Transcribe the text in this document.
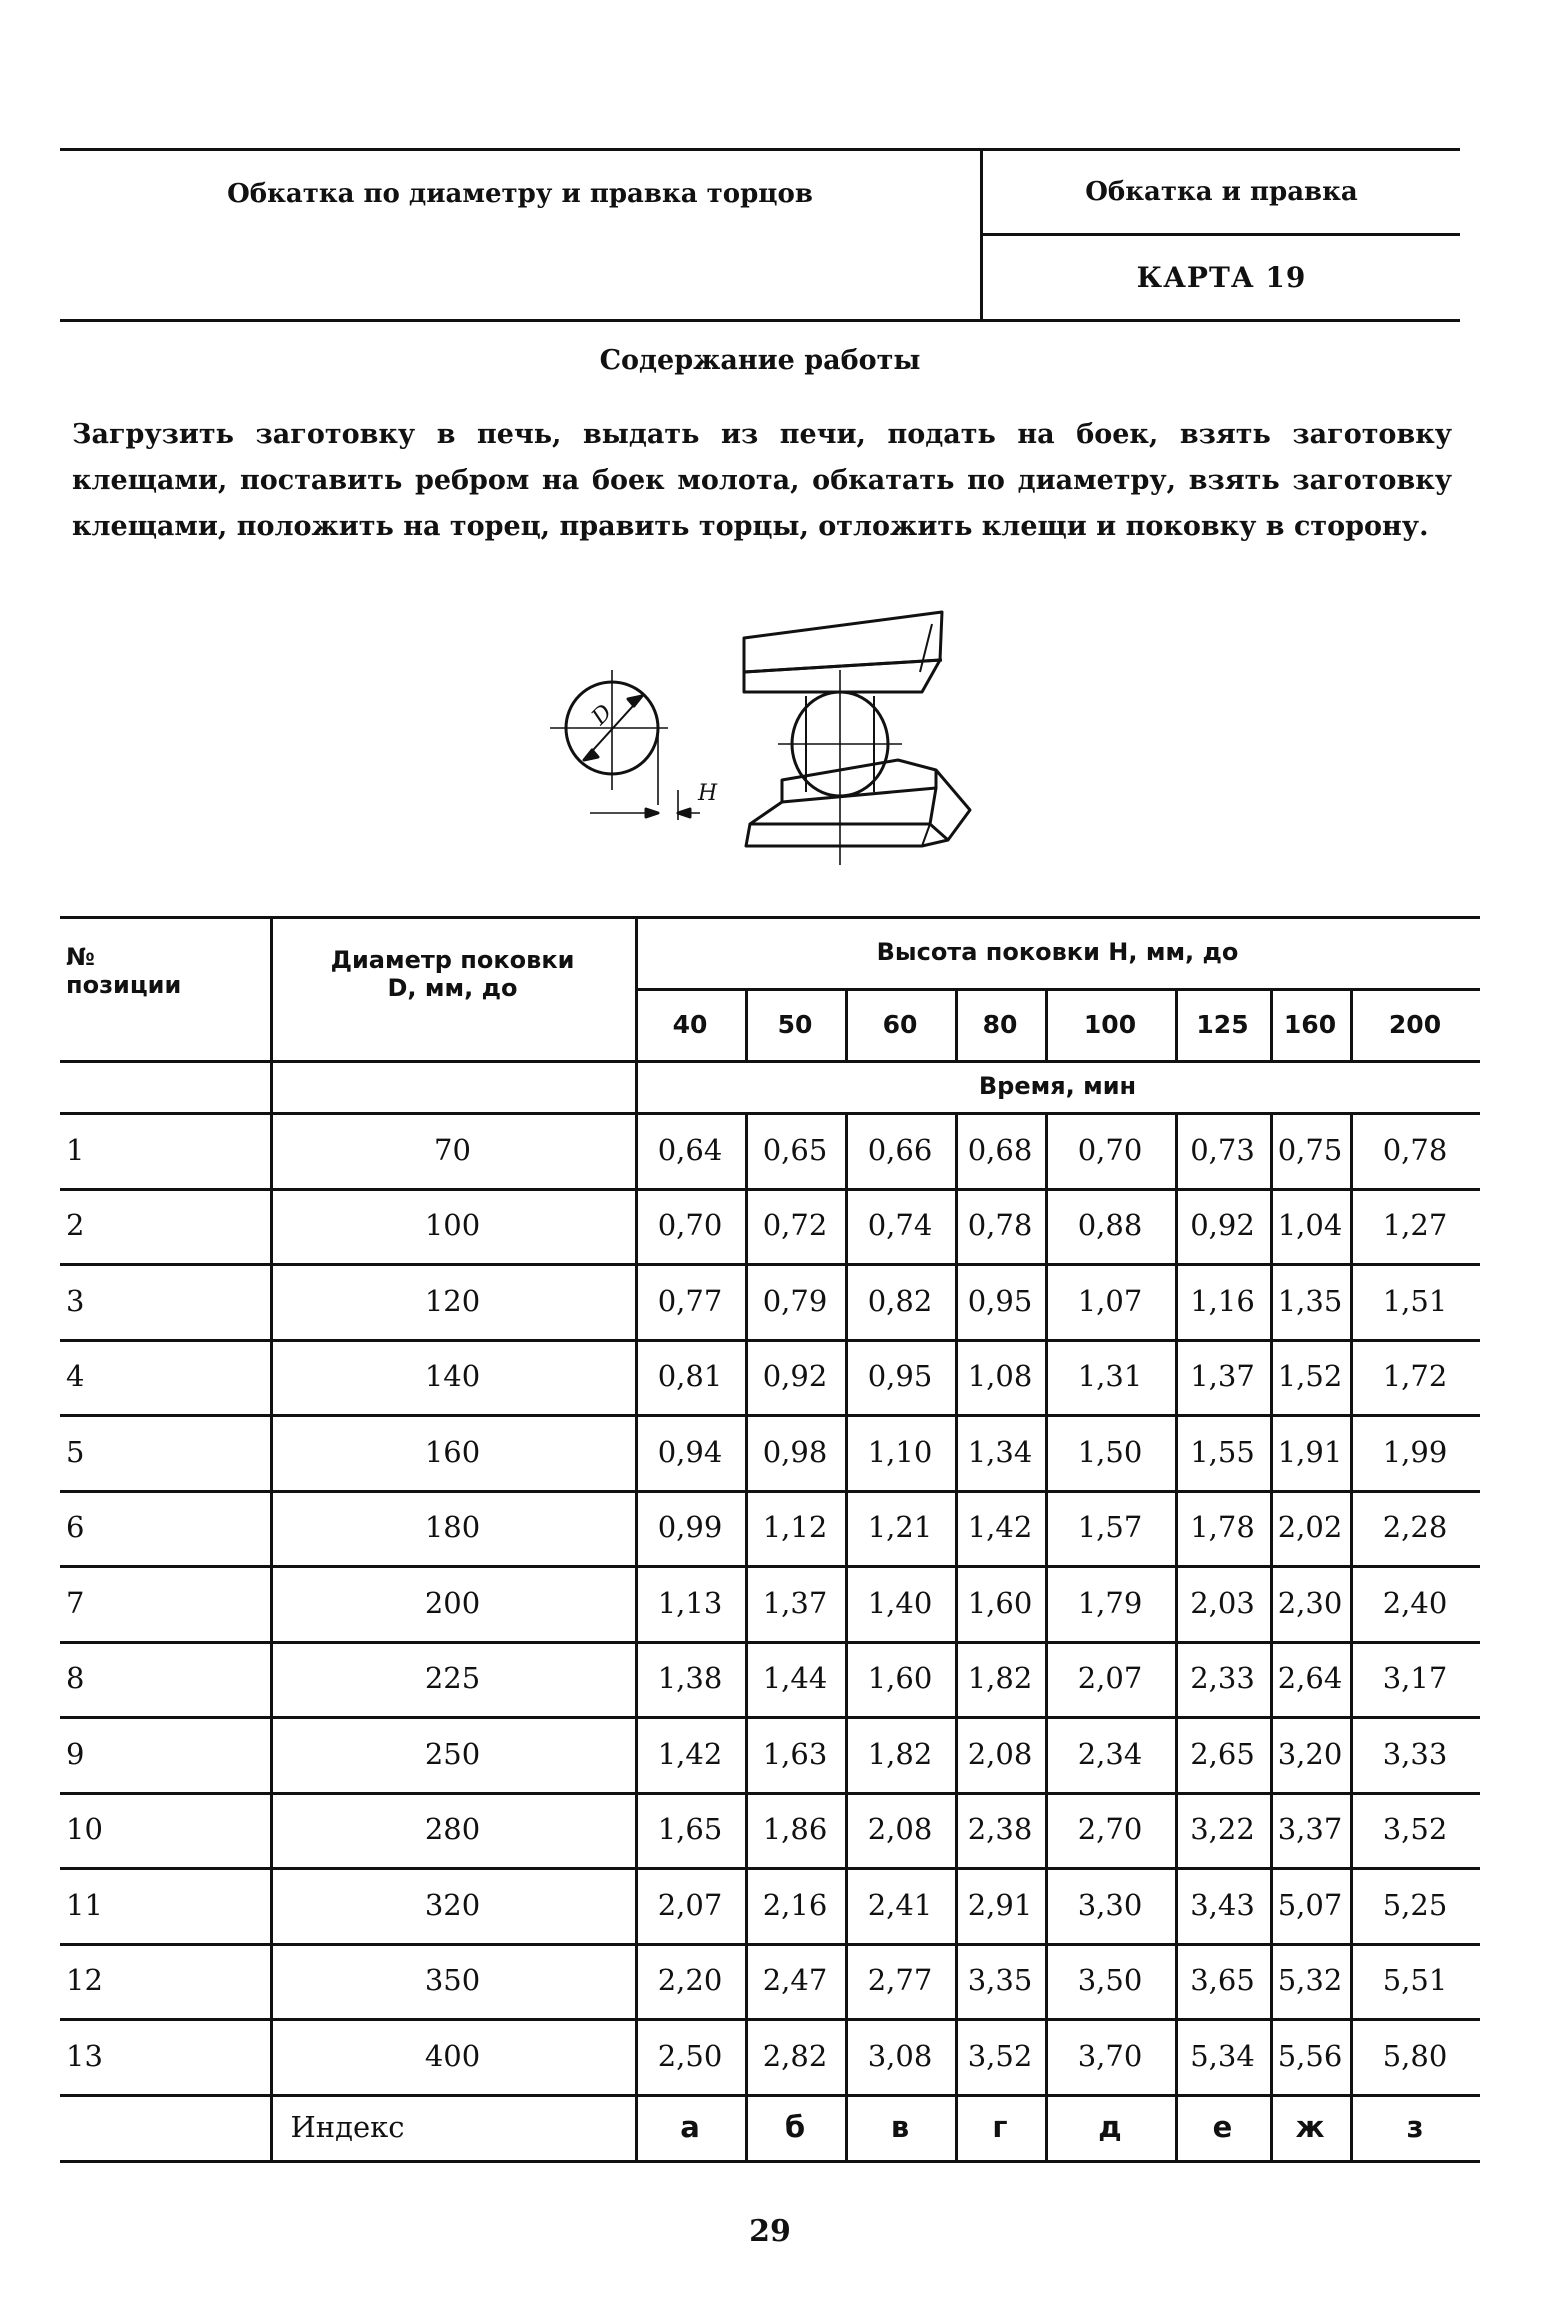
Обкатка по диаметру и правка торцов	Обкатка и правка
КАРТА 19
Содержание работы
Загрузить заготовку в печь, выдать из печи, подать на боек, взять заготовку клещами, поставить ребром на боек молота, обкатать по диаметру, взять заготовку клещами, положить на торец, править торцы, отложить клещи и поковку в сторону.
D
H
№ позиции
Диаметр поковки D, мм, до
Высота поковки Н, мм, до
40	50	60	80	100	125	160	200
Время, мин
1	70	0,64	0,65	0,66	0,68	0,70	0,73 0,75	0,78
2	100	0,70	0,72	0,74	0,78	0,88	0,92 1,04	1,27
3	120	0,77	0,79	0,82	0,95	1,07	1,16 1,35	1,51
4	140	0,81	0,92	0,95	1,08	1,31	1,37 1,52	1,72
5	160	0,94	0,98	1,10	1,34	1,50	1,55 1,91	1,99
6	180	0,99	1,12	1,21	1,42	1,57	1,78 2,02	2,28
7	200	1,13	1,37	1,40	1,60	1,79	2,03 2,30	2,40
8	225	1,38	1,44	1,60	1,82	2,07	2,33 2,64	3,17
9	250	1,42	1,63	1,82	2,08	2,34	2,65 3,20	3,33
10	280	1,65	1,86	2,08	2,38	2,70	3,22 3,37	3,52
11	320	2,07	2,16	2,41	2,91	3,30	3,43 5,07	5,25
12	350	2,20	2,47	2,77	3,35	3,50	3,65 5,32	5,51
13	400	2,50	2,82	3,08	3,52	3,70	5,34 5,56	5,80
Индекс	а	б	в	г	д	е	ж	з
29
